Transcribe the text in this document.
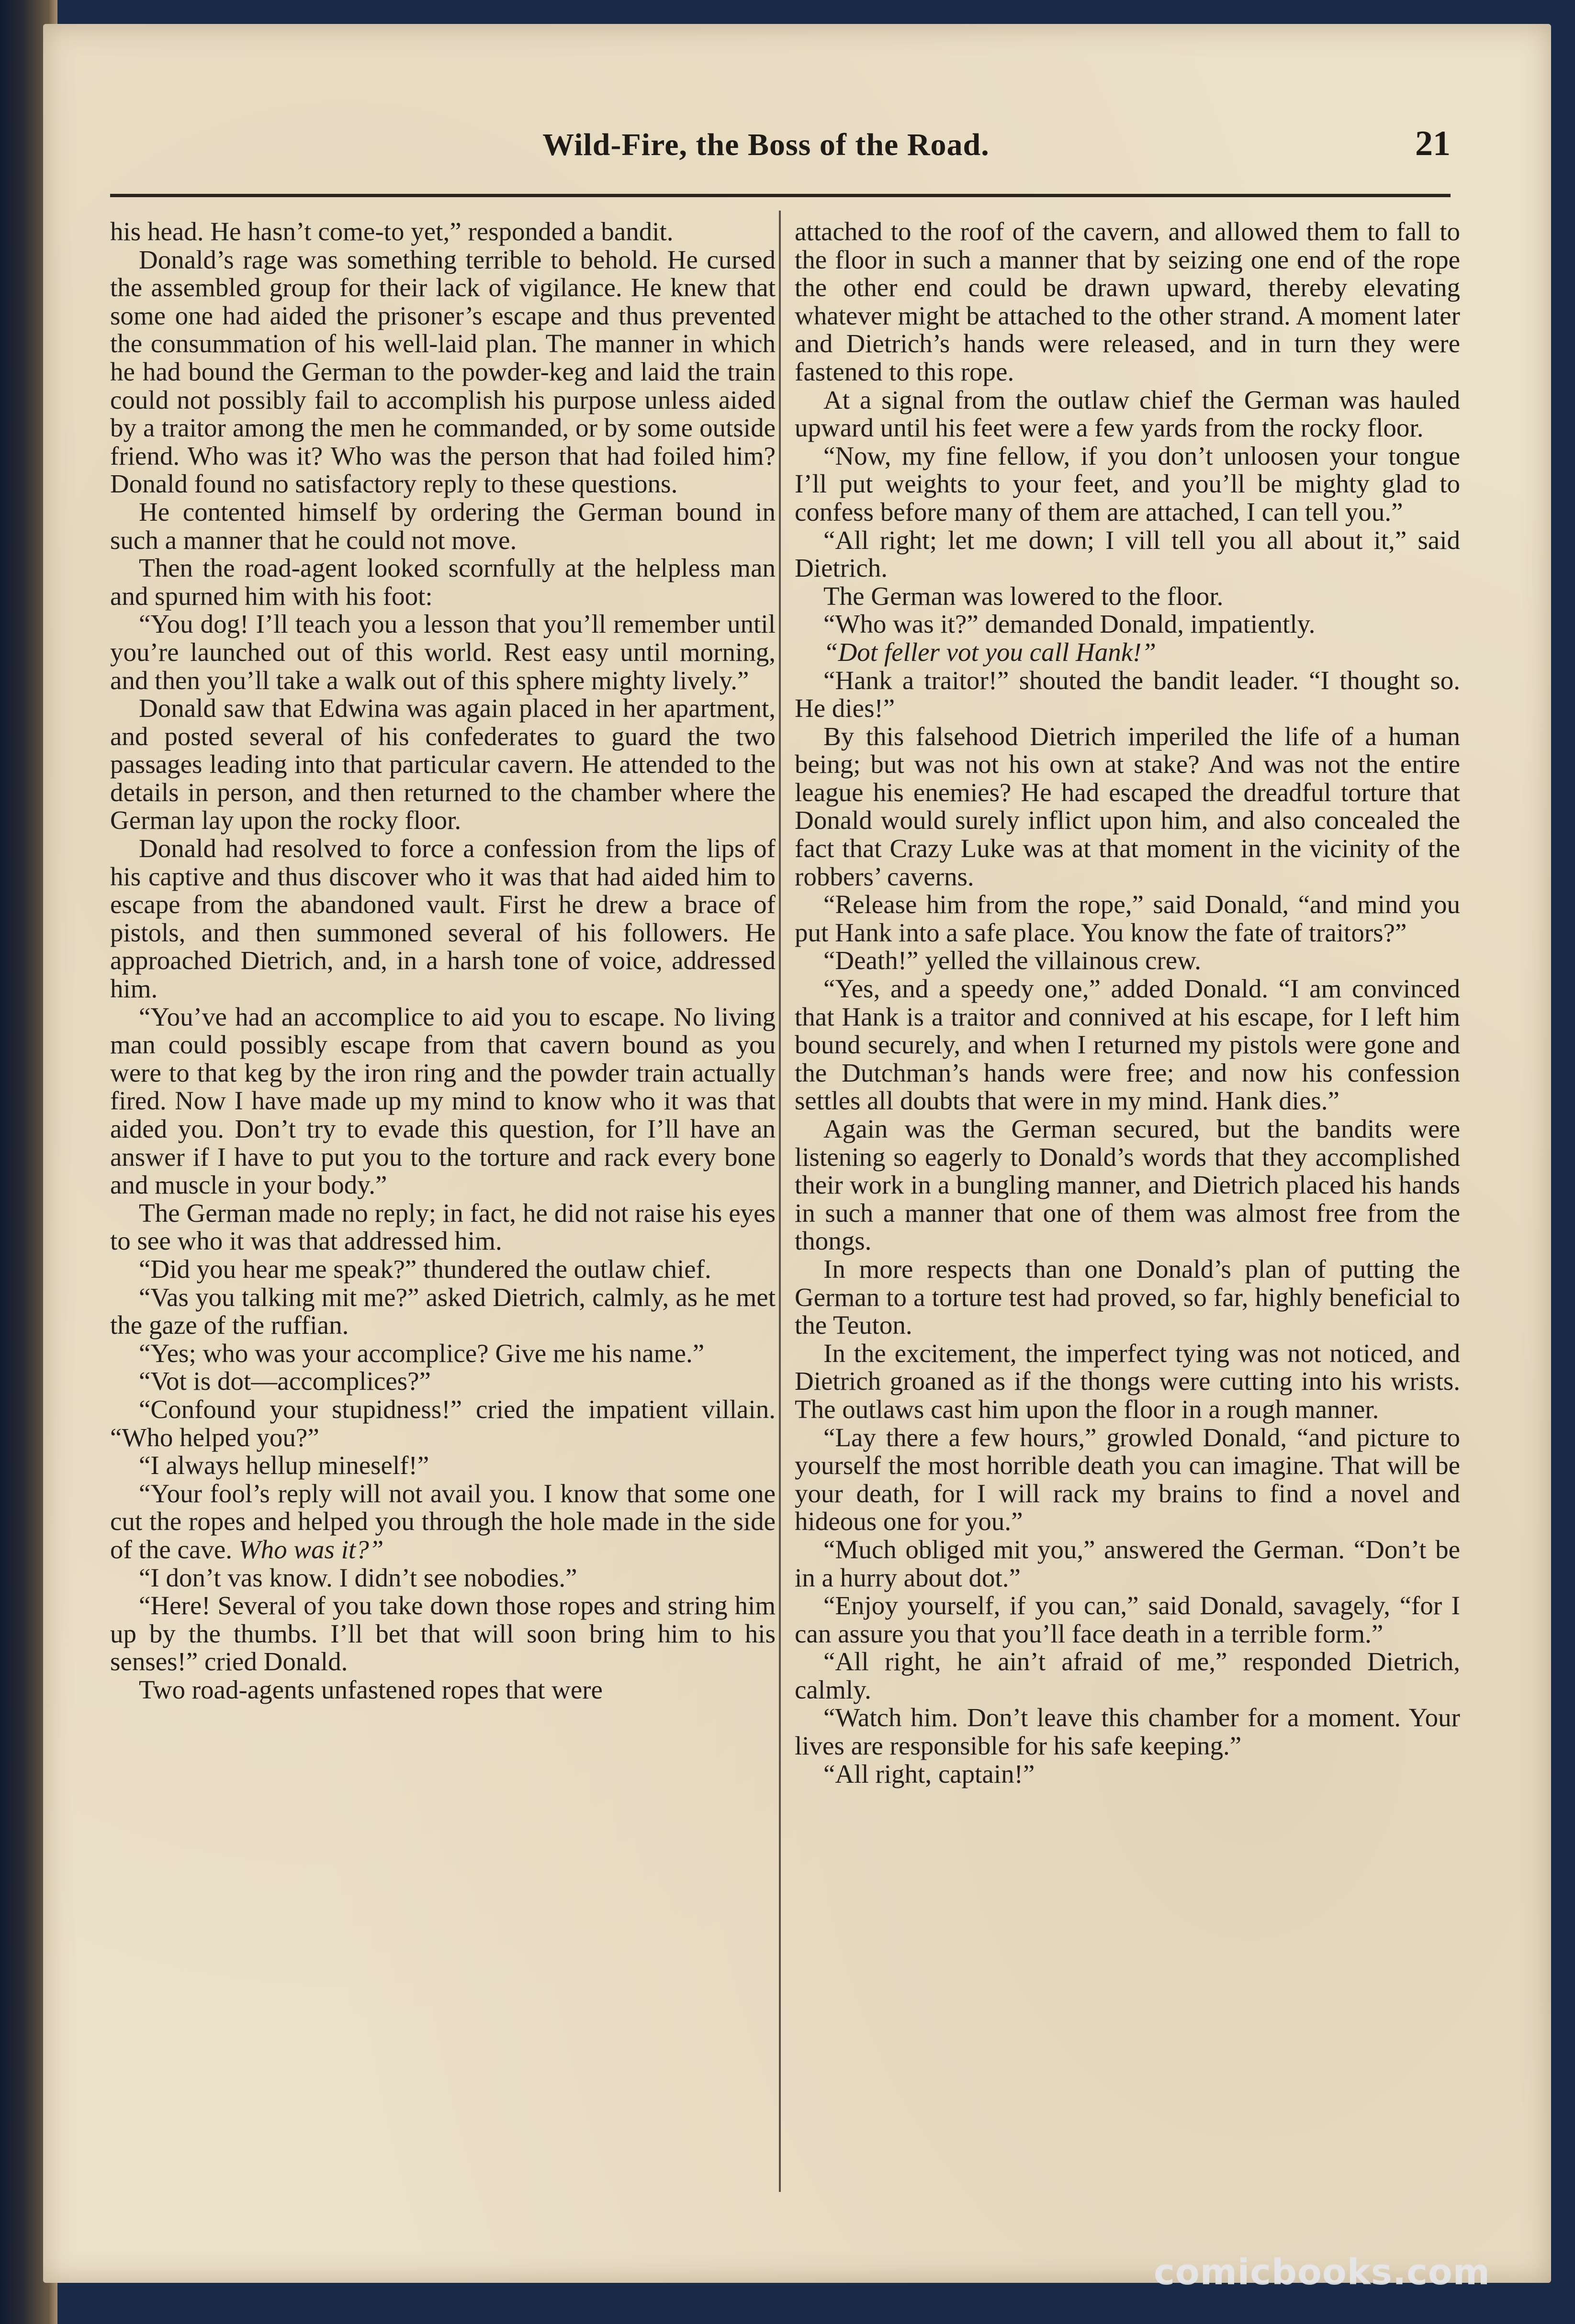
Wild-Fire, the Boss of the Road.	21

his head. He hasn’t come-to yet,” responded a bandit.

Donald’s rage was something terrible to behold. He cursed the assembled group for their lack of vigilance. He knew that some one had aided the prisoner’s escape and thus prevented the consummation of his well-laid plan. The manner in which he had bound the German to the powder-keg and laid the train could not possibly fail to accomplish his purpose unless aided by a traitor among the men he commanded, or by some outside friend. Who was it? Who was the person that had foiled him? Donald found no satisfactory reply to these questions.

He contented himself by ordering the German bound in such a manner that he could not move.

Then the road-agent looked scornfully at the helpless man and spurned him with his foot:

“You dog! I’ll teach you a lesson that you’ll remember until you’re launched out of this world. Rest easy until morning, and then you’ll take a walk out of this sphere mighty lively.”

Donald saw that Edwina was again placed in her apartment, and posted several of his confederates to guard the two passages leading into that particular cavern. He attended to the details in person, and then returned to the chamber where the German lay upon the rocky floor.

Donald had resolved to force a confession from the lips of his captive and thus discover who it was that had aided him to escape from the abandoned vault. First he drew a brace of pistols, and then summoned several of his followers. He approached Dietrich, and, in a harsh tone of voice, addressed him.

“You’ve had an accomplice to aid you to escape. No living man could possibly escape from that cavern bound as you were to that keg by the iron ring and the powder train actually fired. Now I have made up my mind to know who it was that aided you. Don’t try to evade this question, for I’ll have an answer if I have to put you to the torture and rack every bone and muscle in your body.”

The German made no reply; in fact, he did not raise his eyes to see who it was that addressed him.

“Did you hear me speak?” thundered the outlaw chief.

“Vas you talking mit me?” asked Dietrich, calmly, as he met the gaze of the ruffian.

“Yes; who was your accomplice? Give me his name.”

“Vot is dot—accomplices?”

“Confound your stupidness!” cried the impatient villain. “Who helped you?”

“I always hellup mineself!”

“Your fool’s reply will not avail you. I know that some one cut the ropes and helped you through the hole made in the side of the cave. Who was it?”

“I don’t vas know. I didn’t see nobodies.”

“Here! Several of you take down those ropes and string him up by the thumbs. I’ll bet that will soon bring him to his senses!” cried Donald.

Two road-agents unfastened ropes that were

attached to the roof of the cavern, and allowed them to fall to the floor in such a manner that by seizing one end of the rope the other end could be drawn upward, thereby elevating whatever might be attached to the other strand. A moment later and Dietrich’s hands were released, and in turn they were fastened to this rope.

At a signal from the outlaw chief the German was hauled upward until his feet were a few yards from the rocky floor.

“Now, my fine fellow, if you don’t unloosen your tongue I’ll put weights to your feet, and you’ll be mighty glad to confess before many of them are attached, I can tell you.”

“All right; let me down; I vill tell you all about it,” said Dietrich.

The German was lowered to the floor.

“Who was it?” demanded Donald, impatiently.

“Dot feller vot you call Hank!”

“Hank a traitor!” shouted the bandit leader. “I thought so. He dies!”

By this falsehood Dietrich imperiled the life of a human being; but was not his own at stake? And was not the entire league his enemies? He had escaped the dreadful torture that Donald would surely inflict upon him, and also concealed the fact that Crazy Luke was at that moment in the vicinity of the robbers’ caverns.

“Release him from the rope,” said Donald, “and mind you put Hank into a safe place. You know the fate of traitors?”

“Death!” yelled the villainous crew.

“Yes, and a speedy one,” added Donald. “I am convinced that Hank is a traitor and connived at his escape, for I left him bound securely, and when I returned my pistols were gone and the Dutchman’s hands were free; and now his confession settles all doubts that were in my mind. Hank dies.”

Again was the German secured, but the bandits were listening so eagerly to Donald’s words that they accomplished their work in a bungling manner, and Dietrich placed his hands in such a manner that one of them was almost free from the thongs.

In more respects than one Donald’s plan of putting the German to a torture test had proved, so far, highly beneficial to the Teuton.

In the excitement, the imperfect tying was not noticed, and Dietrich groaned as if the thongs were cutting into his wrists. The outlaws cast him upon the floor in a rough manner.

“Lay there a few hours,” growled Donald, “and picture to yourself the most horrible death you can imagine. That will be your death, for I will rack my brains to find a novel and hideous one for you.”

“Much obliged mit you,” answered the German. “Don’t be in a hurry about dot.”

“Enjoy yourself, if you can,” said Donald, savagely, “for I can assure you that you’ll face death in a terrible form.”

“All right, he ain’t afraid of me,” responded Dietrich, calmly.

“Watch him. Don’t leave this chamber for a moment. Your lives are responsible for his safe keeping.”

“All right, captain!”

comicbooks.com
